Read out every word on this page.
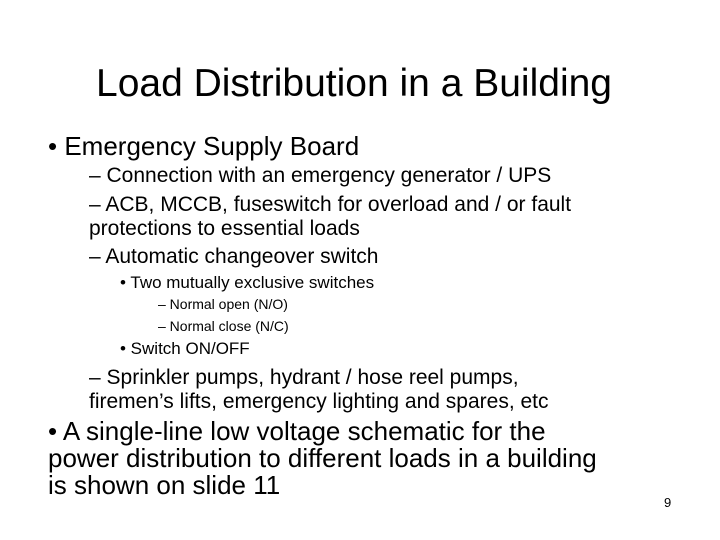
Load Distribution in a Building
• Emergency Supply Board
– Connection with an emergency generator / UPS
– ACB, MCCB, fuseswitch for overload and / or fault
protections to essential loads
– Automatic changeover switch
• Two mutually exclusive switches
– Normal open (N/O)
– Normal close (N/C)
• Switch ON/OFF
– Sprinkler pumps, hydrant / hose reel pumps,
firemen’s lifts, emergency lighting and spares, etc
• A single-line low voltage schematic for the
power distribution to different loads in a building
is shown on slide 11
9
